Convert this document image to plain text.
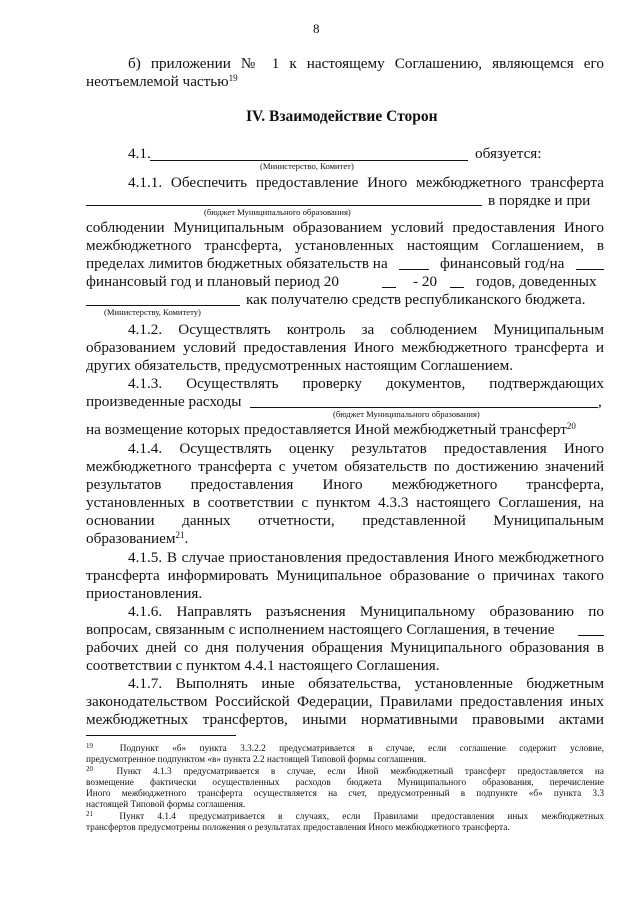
8
б) приложении № 1 к настоящему Соглашению, являющемся его
неотъемлемой частью$^{19}$
IV. Взаимодействие Сторон
4.1.	обязуется:
(Министерство, Комитет)
4.1.1. Обеспечить предоставление Иного межбюджетного трансферта
в порядке и при
(бюджет Муниципального образования)
соблюдении Муниципальным образованием условий предоставления Иного
межбюджетного трансферта, установленных настоящим Соглашением, в
пределах лимитов бюджетных обязательств на	финансовый год/на
финансовый год и плановый период 20	- 20	годов, доведенных
как получателю средств республиканского бюджета.
(Министерству, Комитету)
4.1.2. Осуществлять контроль за соблюдением Муниципальным
образованием условий предоставления Иного межбюджетного трансферта и
других обязательств, предусмотренных настоящим Соглашением.
4.1.3. Осуществлять проверку документов, подтверждающих
произведенные расходы	,
(бюджет Муниципального образования)
на возмещение которых предоставляется Иной межбюджетный трансферт$^{20}$
4.1.4. Осуществлять оценку результатов предоставления Иного
межбюджетного трансферта с учетом обязательств по достижению значений
результатов предоставления Иного межбюджетного трансферта,
установленных в соответствии с пунктом 4.3.3 настоящего Соглашения, на
основании данных отчетности, представленной Муниципальным
образованием$^{21}$.
4.1.5. В случае приостановления предоставления Иного межбюджетного
трансферта информировать Муниципальное образование о причинах такого
приостановления.
4.1.6. Направлять разъяснения Муниципальному образованию по
вопросам, связанным с исполнением настоящего Соглашения, в течение
рабочих дней со дня получения обращения Муниципального образования в
соответствии с пунктом 4.4.1 настоящего Соглашения.
4.1.7. Выполнять иные обязательства, установленные бюджетным
законодательством Российской Федерации, Правилами предоставления иных
межбюджетных трансфертов, иными нормативными правовыми актами
$^{19}$	Подпункт «б» пункта 3.3.2.2 предусматривается в случае, если соглашение содержит условие,
предусмотренное подпунктом «в» пункта 2.2 настоящей Типовой формы соглашения.
$^{20}$	Пункт 4.1.3 предусматривается в случае, если Иной межбюджетный трансферт предоставляется на
возмещение фактически осуществленных расходов бюджета Муниципального образования, перечисление
Иного межбюджетного трансферта осуществляется на счет, предусмотренный в подпункте «б» пункта 3.3
настоящей Типовой формы соглашения.
$^{21}$	Пункт 4.1.4 предусматривается в случаях, если Правилами предоставления иных межбюджетных
трансфертов предусмотрены положения о результатах предоставления Иного межбюджетного трансферта.
